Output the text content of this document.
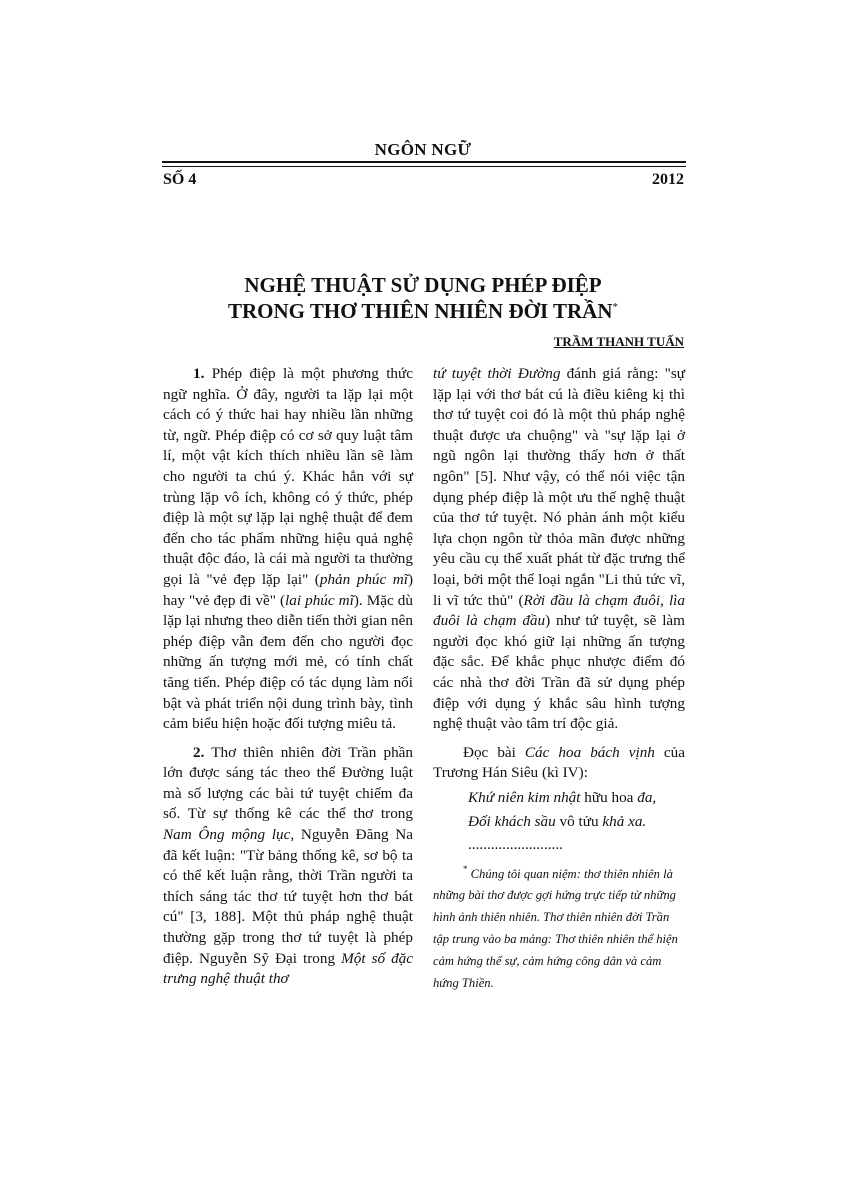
NGÔN NGỮ
SỐ 4	2012
NGHỆ THUẬT SỬ DỤNG PHÉP ĐIỆP
TRONG THƠ THIÊN NHIÊN ĐỜI TRẦN*
TRẦM THANH TUẤN

1. Phép điệp là một phương thức ngữ nghĩa. Ở đây, người ta lặp lại một cách có ý thức hai hay nhiều lần những từ, ngữ. Phép điệp có cơ sở quy luật tâm lí, một vật kích thích nhiều lần sẽ làm cho người ta chú ý. Khác hẳn với sự trùng lặp vô ích, không có ý thức, phép điệp là một sự lặp lại nghệ thuật để đem đến cho tác phẩm những hiệu quả nghệ thuật độc đáo, là cái mà người ta thường gọi là "vẻ đẹp lặp lại" (phản phúc mĩ) hay "vẻ đẹp đi về" (lai phúc mĩ). Mặc dù lặp lại nhưng theo diễn tiến thời gian nên phép điệp vẫn đem đến cho người đọc những ấn tượng mới mẻ, có tính chất tăng tiến. Phép điệp có tác dụng làm nổi bật và phát triển nội dung trình bày, tình cảm biểu hiện hoặc đối tượng miêu tả.

2. Thơ thiên nhiên đời Trần phần lớn được sáng tác theo thể Đường luật mà số lượng các bài tứ tuyệt chiếm đa số. Từ sự thống kê các thể thơ trong Nam Ông mộng lục, Nguyễn Đăng Na đã kết luận: "Từ bảng thống kê, sơ bộ ta có thể kết luận rằng, thời Trần người ta thích sáng tác thơ tứ tuyệt hơn thơ bát cú" [3, 188]. Một thủ pháp nghệ thuật thường gặp trong thơ tứ tuyệt là phép điệp. Nguyễn Sỹ Đại trong Một số đặc trưng nghệ thuật thơ

tứ tuyệt thời Đường đánh giá rằng: "sự lặp lại với thơ bát cú là điều kiêng kị thì thơ tứ tuyệt coi đó là một thủ pháp nghệ thuật được ưa chuộng" và "sự lặp lại ở ngũ ngôn lại thường thấy hơn ở thất ngôn" [5]. Như vậy, có thể nói việc tận dụng phép điệp là một ưu thế nghệ thuật của thơ tứ tuyệt. Nó phản ánh một kiểu lựa chọn ngôn từ thỏa mãn được những yêu cầu cụ thể xuất phát từ đặc trưng thể loại, bởi một thể loại ngắn "Li thủ tức vĩ, li vĩ tức thủ" (Rời đầu là chạm đuôi, lìa đuôi là chạm đầu) như tứ tuyệt, sẽ làm người đọc khó giữ lại những ấn tượng đặc sắc. Để khắc phục nhược điểm đó các nhà thơ đời Trần đã sử dụng phép điệp với dụng ý khắc sâu hình tượng nghệ thuật vào tâm trí độc giả.

Đọc bài Các hoa bách vịnh của Trương Hán Siêu (kì IV):

Khứ niên kim nhật hữu hoa đa,

Đối khách sầu vô tửu khả xa.

.........................

* Chúng tôi quan niệm: thơ thiên nhiên là những bài thơ được gợi hứng trực tiếp từ những hình ảnh thiên nhiên. Thơ thiên nhiên đời Trần tập trung vào ba mảng: Thơ thiên nhiên thể hiện cảm hứng thế sự, cảm hứng công dân và cảm hứng Thiền.
